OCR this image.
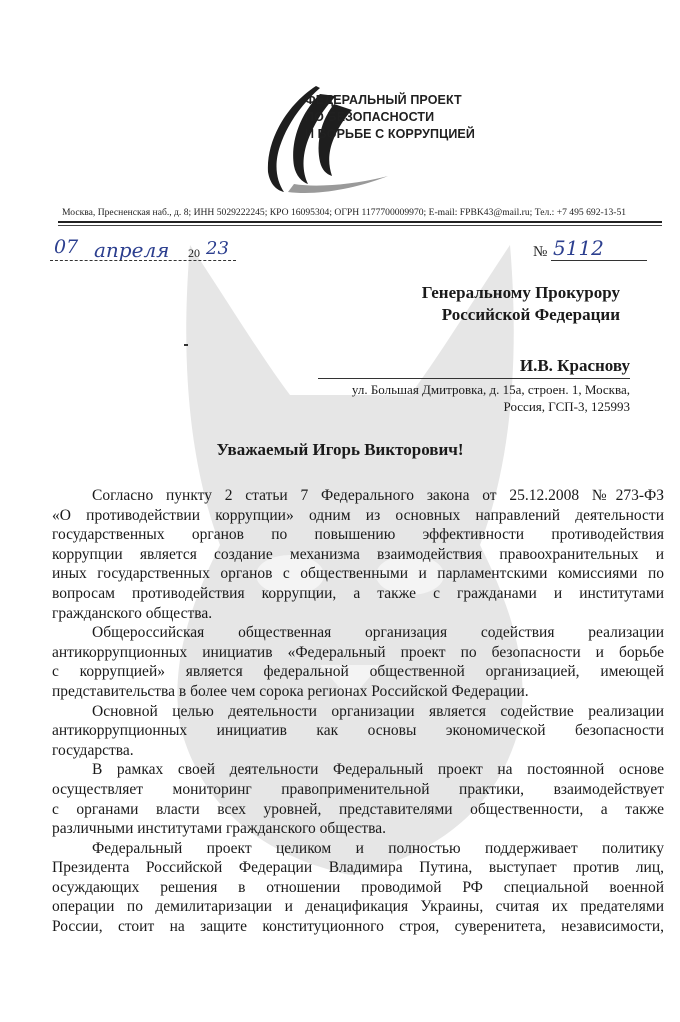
ФЕДЕРАЛЬНЫЙ ПРОЕКТ
ПО БЕЗОПАСНОСТИ
И БОРЬБЕ С КОРРУПЦИЕЙ
Москва, Пресненская наб., д. 8; ИНН 5029222245; КРО 16095304; ОГРН 1177700009970; E-mail: FPBK43@mail.ru; Тел.: +7 495 692-13-51
07 апреля 20 23	№ 5112
Генеральному Прокурору
Российской Федерации
И.В. Краснову
ул. Большая Дмитровка, д. 15а, строен. 1, Москва,
Россия, ГСП-3, 125993
Уважаемый Игорь Викторович!

Согласно пункту 2 статьи 7 Федерального закона от 25.12.2008 №273-ФЗ
«О противодействии коррупции» одним из основных направлений деятельности
государственных органов по повышению эффективности противодействия
коррупции является создание механизма взаимодействия правоохранительных и
иных государственных органов с общественными и парламентскими комиссиями по
вопросам противодействия коррупции, а также с гражданами и институтами
гражданского общества.

Общероссийская общественная организация содействия реализации
антикоррупционных инициатив «Федеральный проект по безопасности и борьбе
с коррупцией» является федеральной общественной организацией, имеющей
представительства в более чем сорока регионах Российской Федерации.

Основной целью деятельности организации является содействие реализации
антикоррупционных инициатив как основы экономической безопасности
государства.

В рамках своей деятельности Федеральный проект на постоянной основе
осуществляет мониторинг правоприменительной практики, взаимодействует
с органами власти всех уровней, представителями общественности, а также
различными институтами гражданского общества.

Федеральный проект целиком и полностью поддерживает политику
Президента Российской Федерации Владимира Путина, выступает против лиц,
осуждающих решения в отношении проводимой РФ специальной военной
операции по демилитаризации и денацификация Украины, считая их предателями
России, стоит на защите конституционного строя, суверенитета, независимости,
